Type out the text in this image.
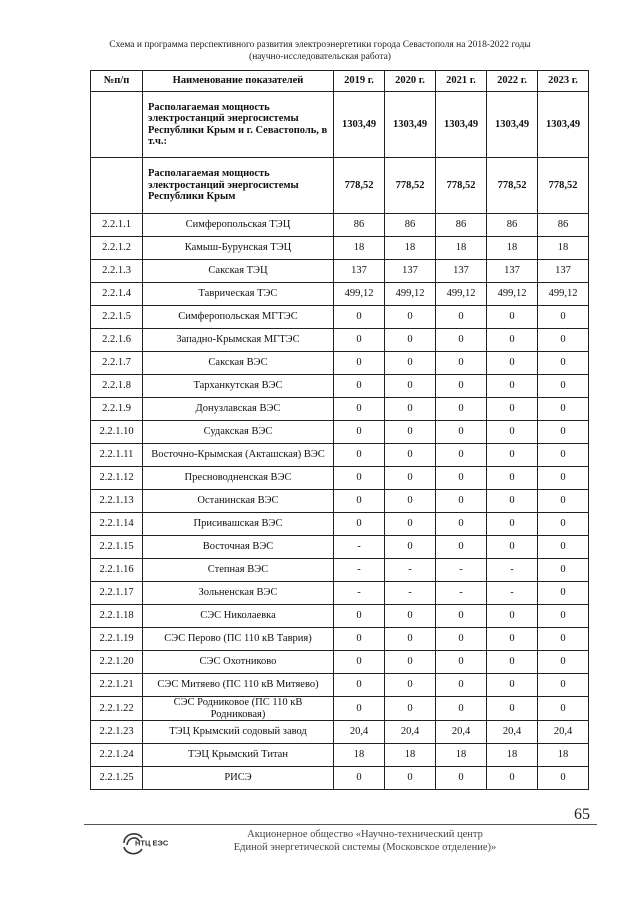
Схема и программа перспективного развития электроэнергетики города Севастополя на 2018-2022 годы
(научно-исследовательская работа)
№п/п	Наименование показателей	2019 г.	2020 г.	2021 г.	2022 г.	2023 г.
	Располагаемая мощность электростанций энергосистемы Республики Крым и г. Севастополь, в т.ч.:	1303,49	1303,49	1303,49	1303,49	1303,49
	Располагаемая мощность электростанций энергосистемы Республики Крым	778,52	778,52	778,52	778,52	778,52
2.2.1.1	Симферопольская ТЭЦ	86	86	86	86	86
2.2.1.2	Камыш-Бурунская ТЭЦ	18	18	18	18	18
2.2.1.3	Сакская ТЭЦ	137	137	137	137	137
2.2.1.4	Таврическая ТЭС	499,12	499,12	499,12	499,12	499,12
2.2.1.5	Симферопольская МГТЭС	0	0	0	0	0
2.2.1.6	Западно-Крымская МГТЭС	0	0	0	0	0
2.2.1.7	Сакская ВЭС	0	0	0	0	0
2.2.1.8	Тарханкутская ВЭС	0	0	0	0	0
2.2.1.9	Донузлавская ВЭС	0	0	0	0	0
2.2.1.10	Судакская ВЭС	0	0	0	0	0
2.2.1.11	Восточно-Крымская (Акташская) ВЭС	0	0	0	0	0
2.2.1.12	Пресноводненская ВЭС	0	0	0	0	0
2.2.1.13	Останинская ВЭС	0	0	0	0	0
2.2.1.14	Присивашская ВЭС	0	0	0	0	0
2.2.1.15	Восточная ВЭС	-	0	0	0	0
2.2.1.16	Степная ВЭС	-	-	-	-	0
2.2.1.17	Зольненская ВЭС	-	-	-	-	0
2.2.1.18	СЭС Николаевка	0	0	0	0	0
2.2.1.19	СЭС Перово (ПС 110 кВ Таврия)	0	0	0	0	0
2.2.1.20	СЭС Охотниково	0	0	0	0	0
2.2.1.21	СЭС Митяево (ПС 110 кВ Митяево)	0	0	0	0	0
2.2.1.22	СЭС Родниковое (ПС 110 кВ Родниковая)	0	0	0	0	0
2.2.1.23	ТЭЦ Крымский содовый завод	20,4	20,4	20,4	20,4	20,4
2.2.1.24	ТЭЦ Крымский Титан	18	18	18	18	18
2.2.1.25	РИСЭ	0	0	0	0	0
65
НТЦ ЕЭС
Акционерное общество «Научно-технический центр
Единой энергетической системы (Московское отделение)»
